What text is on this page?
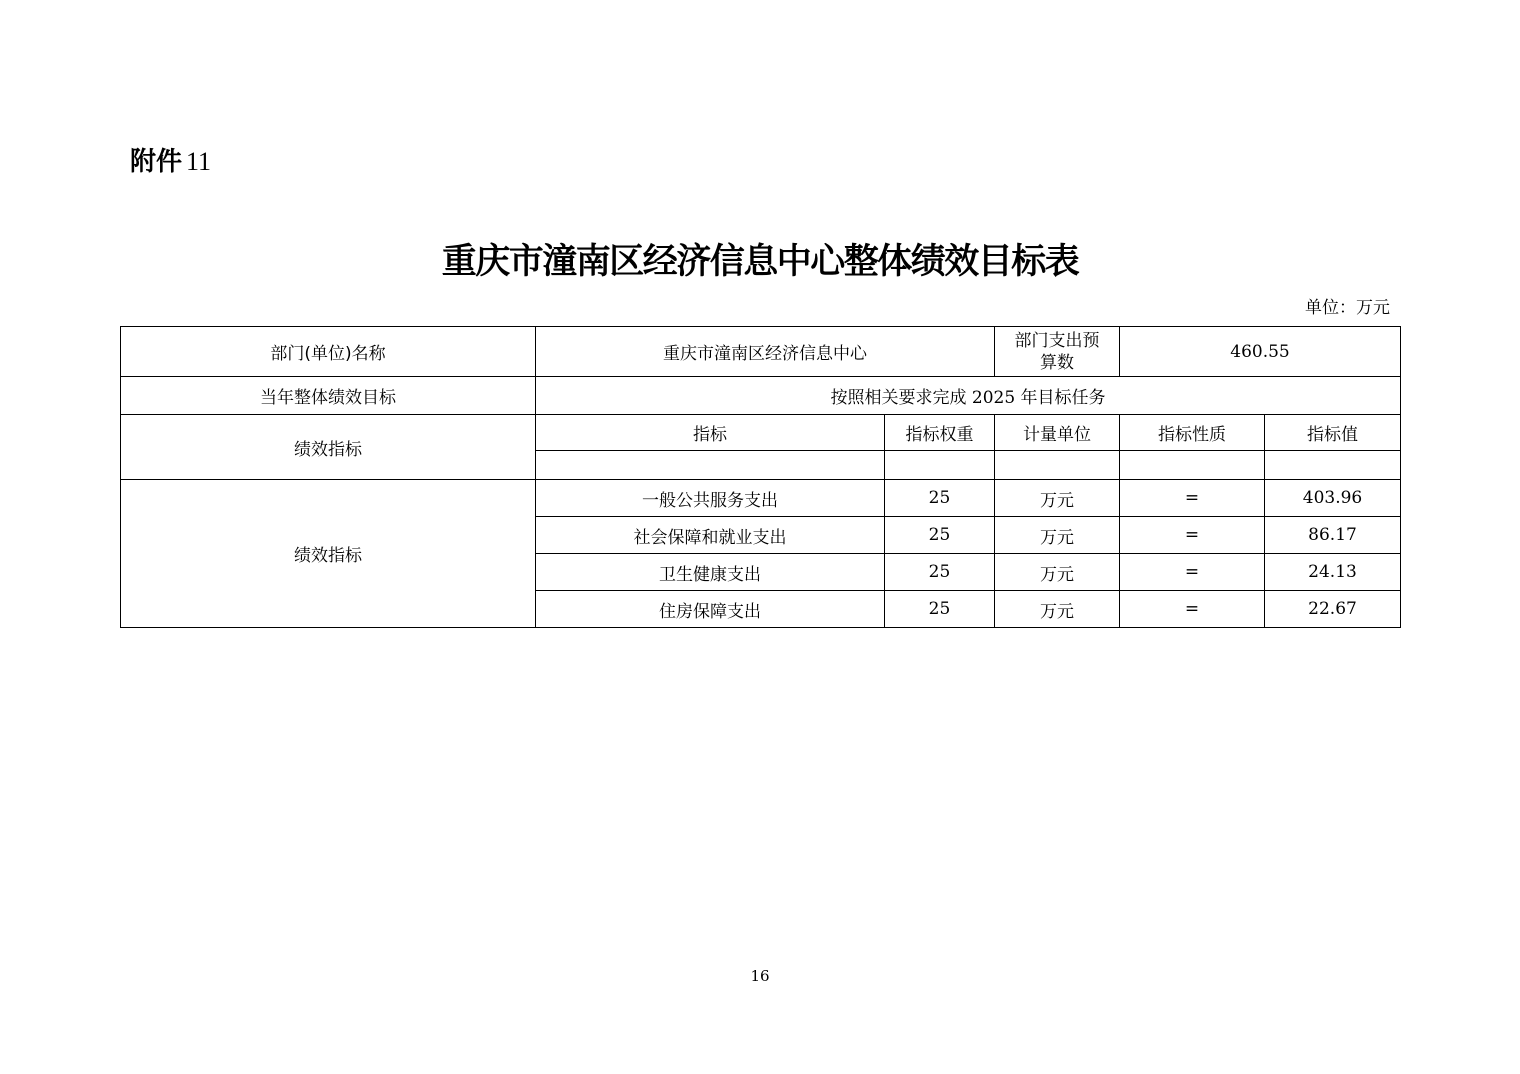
附件 11
重庆市潼南区经济信息中心整体绩效目标表
单位：万元
部门(单位)名称	重庆市潼南区经济信息中心		部门支出预
算数	460.55	
当年整体绩效目标	按照相关要求完成 2025 年目标任务				
绩效指标	指标	指标权重	计量单位	指标性质	指标值

绩效指标	一般公共服务支出	25	万元	=	403.96
	社会保障和就业支出	25	万元	=	86.17
	卫生健康支出	25	万元	=	24.13
	住房保障支出	25	万元	=	22.67
16
